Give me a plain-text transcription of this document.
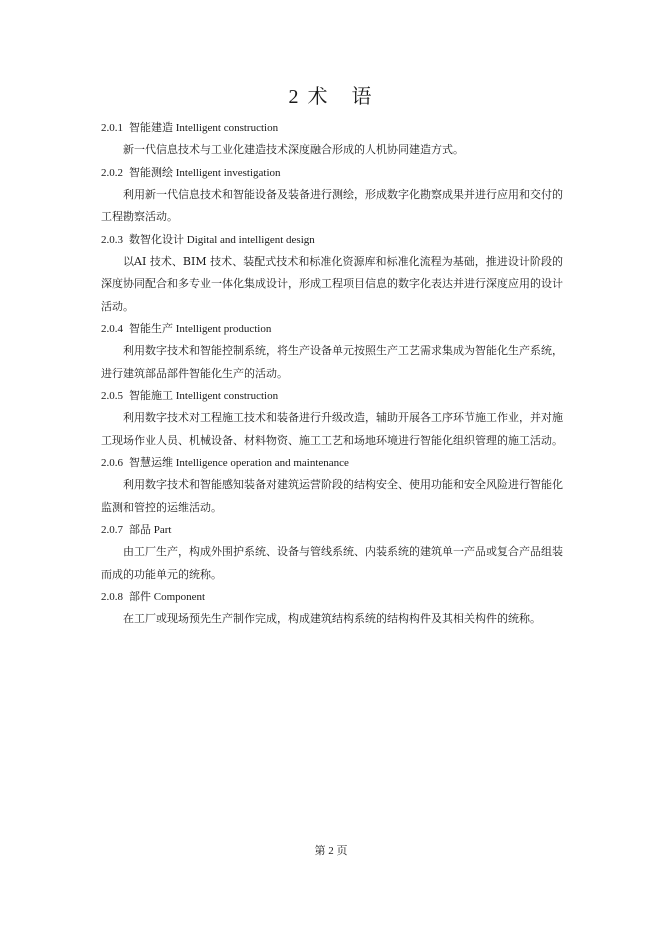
2 术　语
2.0.1 智能建造 Intelligent construction
新一代信息技术与工业化建造技术深度融合形成的人机协同建造方式。
2.0.2 智能测绘 Intelligent investigation
利用新一代信息技术和智能设备及装备进行测绘，形成数字化勘察成果并进行应用和交付的工程勘察活动。
2.0.3 数智化设计 Digital and intelligent design
以AI 技术、BIM 技术、装配式技术和标准化资源库和标准化流程为基础，推进设计阶段的深度协同配合和多专业一体化集成设计，形成工程项目信息的数字化表达并进行深度应用的设计活动。
2.0.4 智能生产 Intelligent production
利用数字技术和智能控制系统，将生产设备单元按照生产工艺需求集成为智能化生产系统，进行建筑部品部件智能化生产的活动。
2.0.5 智能施工 Intelligent construction
利用数字技术对工程施工技术和装备进行升级改造，辅助开展各工序环节施工作业，并对施工现场作业人员、机械设备、材料物资、施工工艺和场地环境进行智能化组织管理的施工活动。
2.0.6 智慧运维 Intelligence operation and maintenance
利用数字技术和智能感知装备对建筑运营阶段的结构安全、使用功能和安全风险进行智能化监测和管控的运维活动。
2.0.7 部品 Part
由工厂生产，构成外围护系统、设备与管线系统、内装系统的建筑单一产品或复合产品组装而成的功能单元的统称。
2.0.8 部件 Component
在工厂或现场预先生产制作完成，构成建筑结构系统的结构构件及其相关构件的统称。
第 2 页
